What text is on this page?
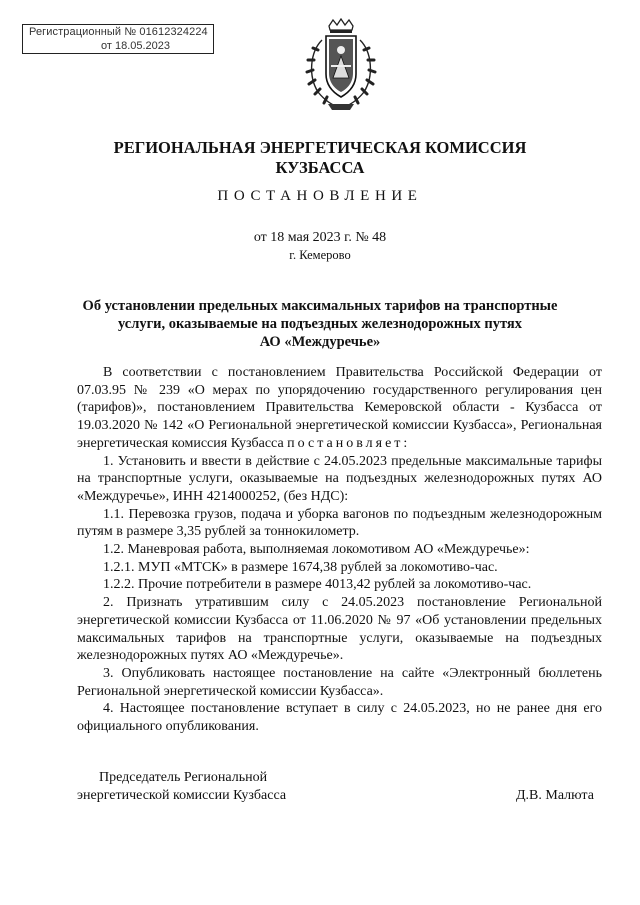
Регистрационный № 01612324224
от 18.05.2023
РЕГИОНАЛЬНАЯ ЭНЕРГЕТИЧЕСКАЯ КОМИССИЯ
КУЗБАССА
ПОСТАНОВЛЕНИЕ
от 18 мая 2023 г. № 48
г. Кемерово
Об установлении предельных максимальных тарифов на транспортные
услуги, оказываемые на подъездных железнодорожных путях
АО «Междуречье»

В соответствии с постановлением Правительства Российской Федерации от 07.03.95 № 239 «О мерах по упорядочению государственного регулирования цен (тарифов)», постановлением Правительства Кемеровской области - Кузбасса от 19.03.2020 № 142 «О Региональной энергетической комиссии Кузбасса», Региональная энергетическая комиссия Кузбасса постановляет:

1. Установить и ввести в действие с 24.05.2023 предельные максимальные тарифы на транспортные услуги, оказываемые на подъездных железнодорожных путях АО «Междуречье», ИНН 4214000252, (без НДС):

1.1. Перевозка грузов, подача и уборка вагонов по подъездным железнодорожным путям в размере 3,35 рублей за тоннокилометр.

1.2. Маневровая работа, выполняемая локомотивом АО «Междуречье»:

1.2.1. МУП «МТСК» в размере 1674,38 рублей за локомотиво-час.

1.2.2. Прочие потребители в размере 4013,42 рублей за локомотиво-час.

2. Признать утратившим силу с 24.05.2023 постановление Региональной энергетической комиссии Кузбасса от 11.06.2020 № 97 «Об установлении предельных максимальных тарифов на транспортные услуги, оказываемые на подъездных железнодорожных путях АО «Междуречье».

3. Опубликовать настоящее постановление на сайте «Электронный бюллетень Региональной энергетической комиссии Кузбасса».

4. Настоящее постановление вступает в силу с 24.05.2023, но не ранее дня его официального опубликования.

Председатель Региональной
энергетической комиссии Кузбасса	Д.В. Малюта
